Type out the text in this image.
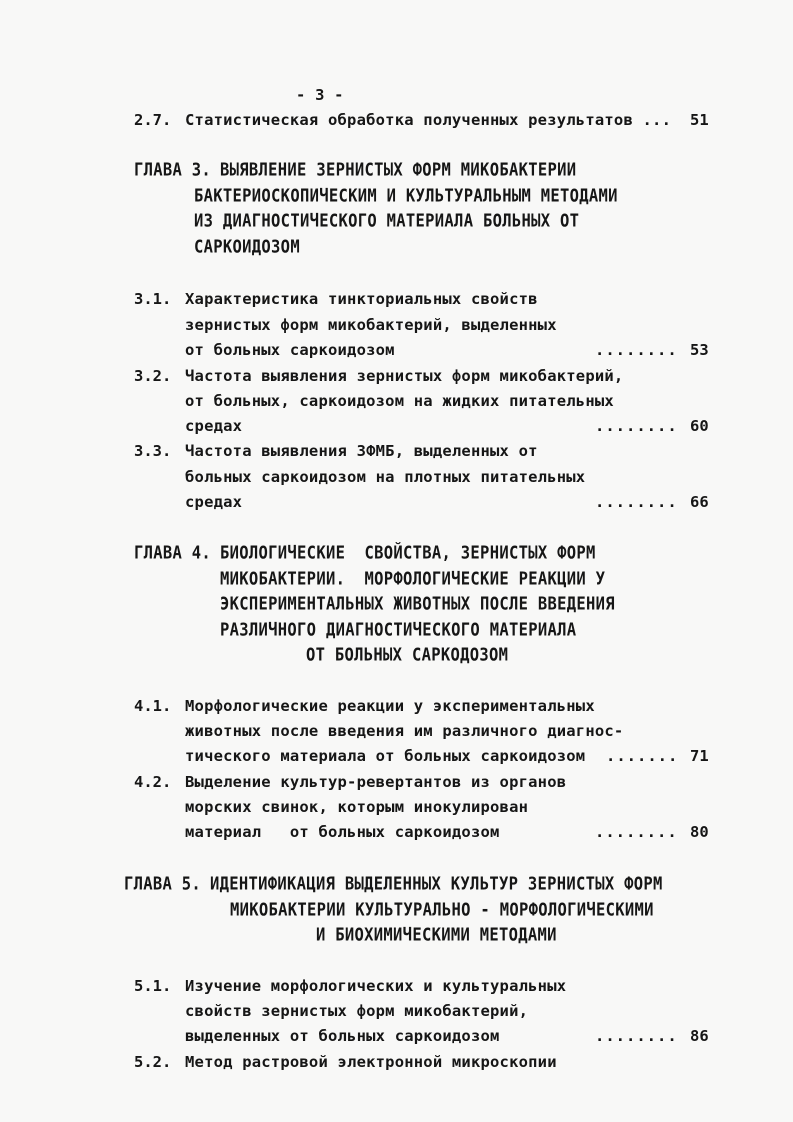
- 3 -
2.7. Статистическая обработка полученных результатов ... 51
ГЛАВА 3. ВЫЯВЛЕНИЕ ЗЕРНИСТЫХ ФОРМ МИКОБАКТЕРИИ
БАКТЕРИОСКОПИЧЕСКИМ И КУЛЬТУРАЛЬНЫМ МЕТОДАМИ
ИЗ ДИАГНОСТИЧЕСКОГО МАТЕРИАЛА БОЛЬНЫХ ОТ
САРКОИДОЗОМ
3.1. Характеристика тинкториальных свойств
зернистых форм микобактерий, выделенных
от больных саркоидозом	........ 53
3.2. Частота выявления зернистых форм микобактерий,
от больных, саркоидозом на жидких питательных
средах	........ 60
3.3. Частота выявления ЗФМБ, выделенных от
больных саркоидозом на плотных питательных
средах	........ 66
ГЛАВА 4. БИОЛОГИЧЕСКИЕ  СВОЙСТВА, ЗЕРНИСТЫХ ФОРМ
МИКОБАКТЕРИИ.  МОРФОЛОГИЧЕСКИЕ РЕАКЦИИ У
ЭКСПЕРИМЕНТАЛЬНЫХ ЖИВОТНЫХ ПОСЛЕ ВВЕДЕНИЯ
РАЗЛИЧНОГО ДИАГНОСТИЧЕСКОГО МАТЕРИАЛА
ОТ БОЛЬНЫХ САРКОДОЗОМ
4.1. Морфологические реакции у экспериментальных
животных после введения им различного диагнос-
тического материала от больных саркоидозом ....... 71
4.2. Выделение культур-ревертантов из органов
морских свинок, которым инокулирован
материал   от больных саркоидозом	........ 80
ГЛАВА 5. ИДЕНТИФИКАЦИЯ ВЫДЕЛЕННЫХ КУЛЬТУР ЗЕРНИСТЫХ ФОРМ
МИКОБАКТЕРИИ КУЛЬТУРАЛЬНО - МОРФОЛОГИЧЕСКИМИ
И БИОХИМИЧЕСКИМИ МЕТОДАМИ
5.1. Изучение морфологических и культуральных
свойств зернистых форм микобактерий,
выделенных от больных саркоидозом	........ 86
5.2. Метод растровой электронной микроскопии
